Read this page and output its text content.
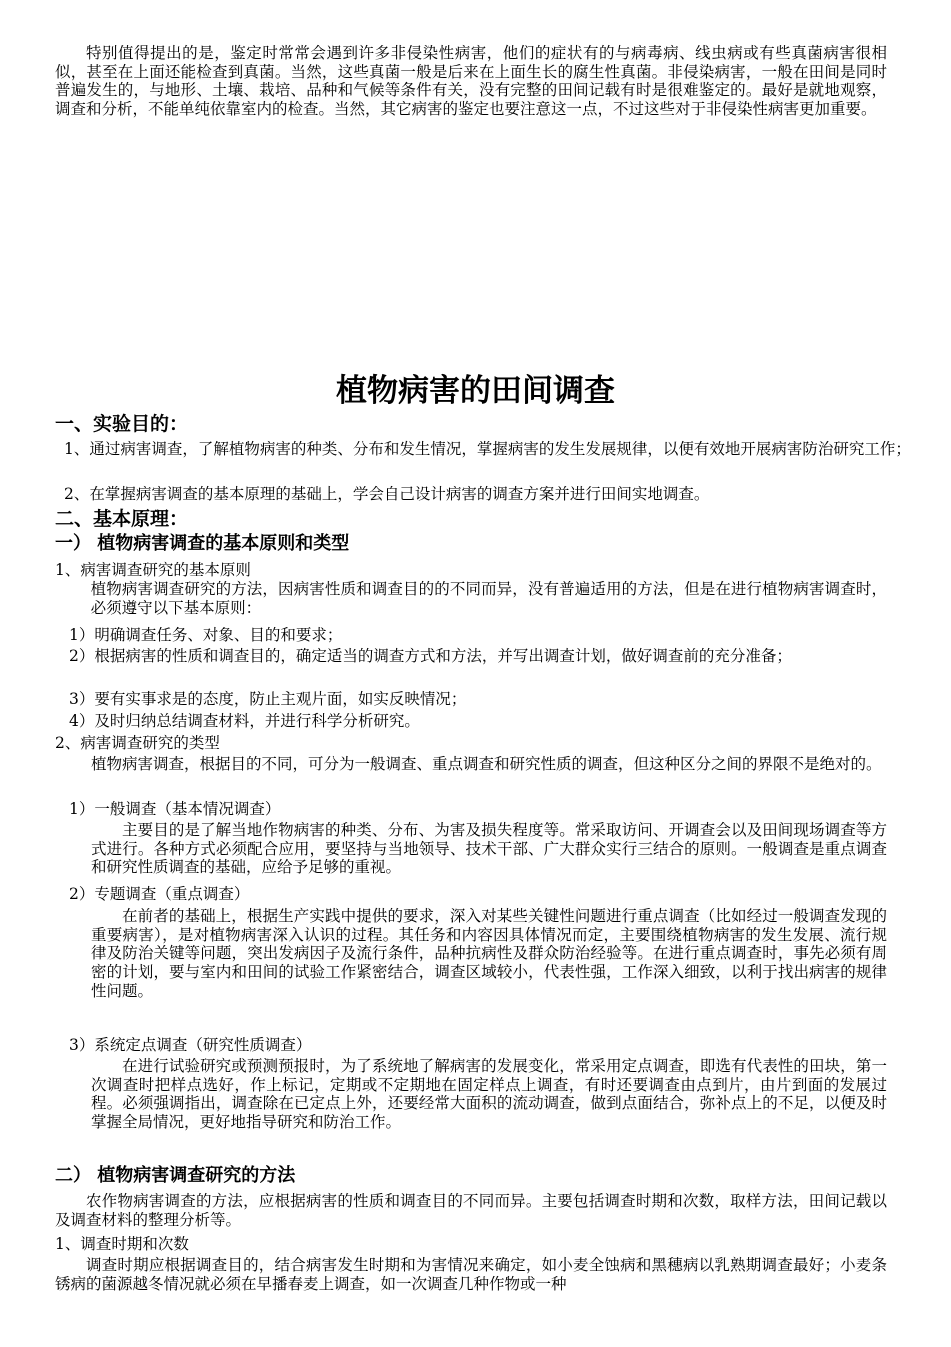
特别值得提出的是，鉴定时常常会遇到许多非侵染性病害，他们的症状有的与病毒病、线虫病或有些真菌病害很相似，甚至在上面还能检查到真菌。当然，这些真菌一般是后来在上面生长的腐生性真菌。非侵染病害，一般在田间是同时普遍发生的，与地形、土壤、栽培、品种和气候等条件有关，没有完整的田间记载有时是很难鉴定的。最好是就地观察，调查和分析，不能单纯依靠室内的检查。当然，其它病害的鉴定也要注意这一点，不过这些对于非侵染性病害更加重要。

植物病害的田间调查
一、实验目的：

1、通过病害调查，了解植物病害的种类、分布和发生情况，掌握病害的发生发展规律，以便有效地开展病害防治研究工作；

2、在掌握病害调查的基本原理的基础上，学会自己设计病害的调查方案并进行田间实地调查。

二、基本原理：
一） 植物病害调查的基本原则和类型

1、病害调查研究的基本原则

植物病害调查研究的方法，因病害性质和调查目的的不同而异，没有普遍适用的方法，但是在进行植物病害调查时，必须遵守以下基本原则：

1）明确调查任务、对象、目的和要求；

2）根据病害的性质和调查目的，确定适当的调查方式和方法，并写出调查计划，做好调查前的充分准备；

3）要有实事求是的态度，防止主观片面，如实反映情况；

4）及时归纳总结调查材料，并进行科学分析研究。

2、病害调查研究的类型

植物病害调查，根据目的不同，可分为一般调查、重点调查和研究性质的调查，但这种区分之间的界限不是绝对的。

1）一般调查（基本情况调查）

主要目的是了解当地作物病害的种类、分布、为害及损失程度等。常采取访问、开调查会以及田间现场调查等方式进行。各种方式必须配合应用，要坚持与当地领导、技术干部、广大群众实行三结合的原则。一般调查是重点调查和研究性质调查的基础，应给予足够的重视。

2）专题调查（重点调查）

在前者的基础上，根据生产实践中提供的要求，深入对某些关键性问题进行重点调查（比如经过一般调查发现的重要病害），是对植物病害深入认识的过程。其任务和内容因具体情况而定，主要围绕植物病害的发生发展、流行规律及防治关键等问题，突出发病因子及流行条件，品种抗病性及群众防治经验等。在进行重点调查时，事先必须有周密的计划，要与室内和田间的试验工作紧密结合，调查区域较小，代表性强，工作深入细致，以利于找出病害的规律性问题。

3）系统定点调查（研究性质调查）

在进行试验研究或预测预报时，为了系统地了解病害的发展变化，常采用定点调查，即选有代表性的田块，第一次调查时把样点选好，作上标记，定期或不定期地在固定样点上调查，有时还要调查由点到片，由片到面的发展过程。必须强调指出，调查除在已定点上外，还要经常大面积的流动调查，做到点面结合，弥补点上的不足，以便及时掌握全局情况，更好地指导研究和防治工作。

二） 植物病害调查研究的方法

农作物病害调查的方法，应根据病害的性质和调查目的不同而异。主要包括调查时期和次数，取样方法，田间记载以及调查材料的整理分析等。

1、调查时期和次数

调查时期应根据调查目的，结合病害发生时期和为害情况来确定，如小麦全蚀病和黑穗病以乳熟期调查最好；小麦条锈病的菌源越冬情况就必须在早播春麦上调查，如一次调查几种作物或一种
